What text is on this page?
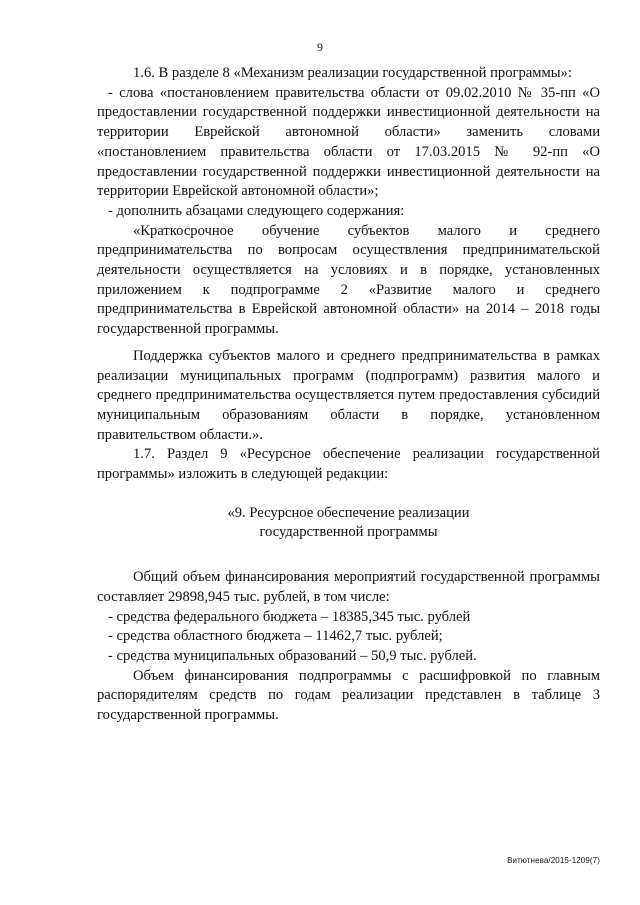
9

1.6. В разделе 8 «Механизм реализации государственной программы»:

- слова «постановлением правительства области от 09.02.2010 № 35-пп «О предоставлении государственной поддержки инвестиционной деятельности на территории Еврейской автономной области» заменить словами «постановлением правительства области от 17.03.2015 № 92-пп «О предоставлении государственной поддержки инвестиционной деятельности на территории Еврейской автономной области»;

- дополнить абзацами следующего содержания:

«Краткосрочное обучение субъектов малого и среднего предпринимательства по вопросам осуществления предпринимательской деятельности осуществляется на условиях и в порядке, установленных приложением к подпрограмме 2 «Развитие малого и среднего предпринимательства в Еврейской автономной области» на 2014 – 2018 годы государственной программы.

Поддержка субъектов малого и среднего предпринимательства в рамках реализации муниципальных программ (подпрограмм) развития малого и среднего предпринимательства осуществляется путем предоставления субсидий муниципальным образованиям области в порядке, установленном правительством области.».

1.7. Раздел 9 «Ресурсное обеспечение реализации государственной программы» изложить в следующей редакции:

«9. Ресурсное обеспечение реализации
государственной программы

Общий объем финансирования мероприятий государственной программы составляет 29898,945 тыс. рублей, в том числе:

- средства федерального бюджета – 18385,345 тыс. рублей

- средства областного бюджета – 11462,7 тыс. рублей;

- средства муниципальных образований – 50,9 тыс. рублей.

Объем финансирования подпрограммы с расшифровкой по главным распорядителям средств по годам реализации представлен в таблице 3 государственной программы.

Витютнева/2015-1209(7)
